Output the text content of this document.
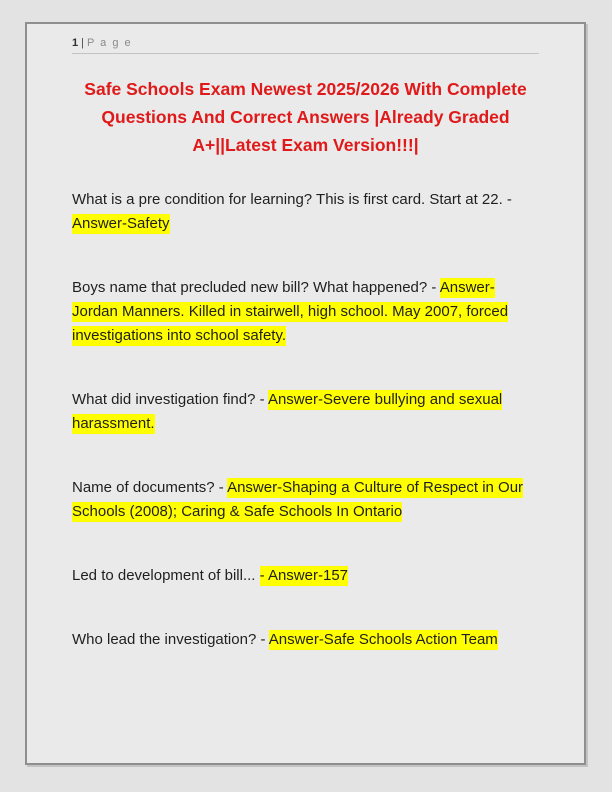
1 | P a g e
Safe Schools Exam Newest 2025/2026 With Complete
Questions And Correct Answers |Already Graded
A+||Latest Exam Version!!!|

What is a pre condition for learning? This is first card. Start at 22. - Answer-Safety

Boys name that precluded new bill? What happened? - Answer-Jordan Manners. Killed in stairwell, high school. May 2007, forced investigations into school safety.

What did investigation find? - Answer-Severe bullying and sexual harassment.

Name of documents? - Answer-Shaping a Culture of Respect in Our Schools (2008); Caring & Safe Schools In Ontario

Led to development of bill... - Answer-157

Who lead the investigation? - Answer-Safe Schools Action Team
